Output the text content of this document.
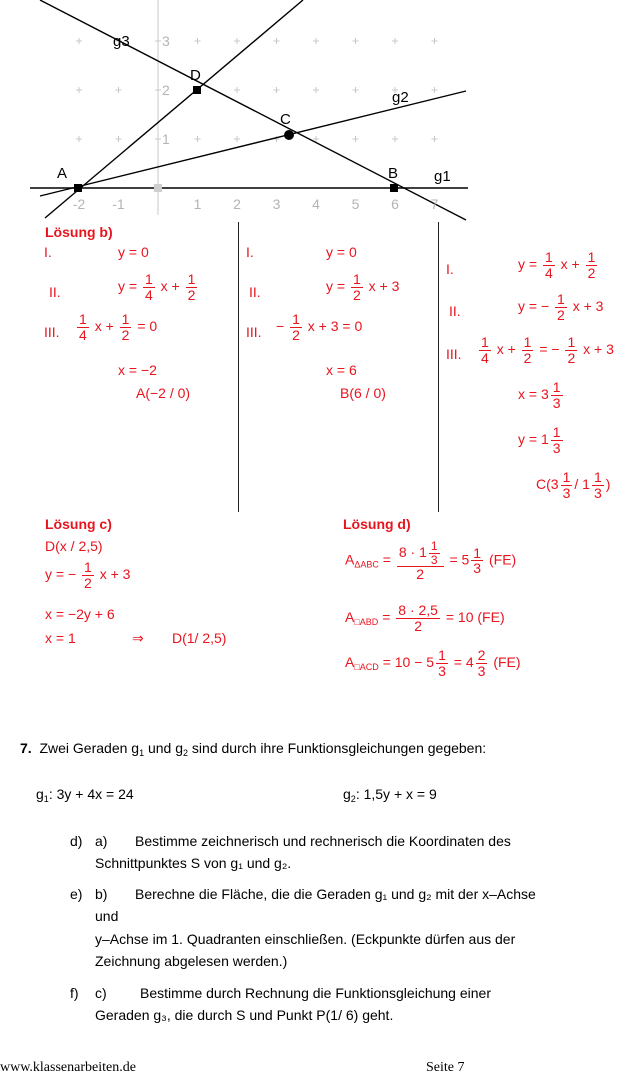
-2 -1	1 2 3 4 5 6 7
1
2
3
g3
g2
g1
A	B
C
D
Lösung b)
I.	y = 0
II.	$y = \frac{1}{4}$ $x + \frac{1}{2}$
III. $\frac{1}{4}$ $x + \frac{1}{2} = 0$
x = −2
A(−2 / 0)
I.	y = 0
II.	$y = \frac{1}{2}$ x + 3
III. − $\frac{1}{2}$ x + 3 = 0
x = 6
B(6 / 0)
I.	$y = \frac{1}{4}$ $x + \frac{1}{2}$
II.	y = − $\frac{1}{2}$ x + 3
III. $\frac{1}{4}$ $x + \frac{1}{2}$ = − $\frac{1}{2}$ x + 3
$x = 3 \frac{1}{3}$
$y = 1 \frac{1}{3}$
$C(3 \frac{1}{3} / 1 \frac{1}{3}$ )
Lösung c)
D(x / 2,5)
y = − $\frac{1}{2}$ x + 3
x = −2y + 6
x = 1	⇒ D(1/ 2,5)
Lösung d)
$A_{\Delta ABC} = \frac{8 \cdot 1 \frac{1}{3}}{2} = 5 \frac{1}{3} (FE)$
$A_{□ABD} = \frac{8 \cdot 2,5}{2} = 10$ (FE)
$A_{□ACD} = 10 - 5 \frac{1}{3} = 4 \frac{2}{3} (FE)$
7. Zwei Geraden $g_1$ und $g_2$ sind durch ihre Funktionsgleichungen gegeben:
$g_1$: 3y + 4x = 24	$g_2$: 1,5y + x = 9
d) a) Bestimme zeichnerisch und rechnerisch die Koordinaten des
Schnittpunktes S von g₁ und g₂.
e) b) Berechne die Fläche, die die Geraden g₁ und g₂ mit der x–Achse
und
y–Achse im 1. Quadranten einschließen. (Eckpunkte dürfen aus der
Zeichnung abgelesen werden.)
f) c) Bestimme durch Rechnung die Funktionsgleichung einer
Geraden g₃, die durch S und Punkt P(1/ 6) geht.
www.klassenarbeiten.de	Seite 7
